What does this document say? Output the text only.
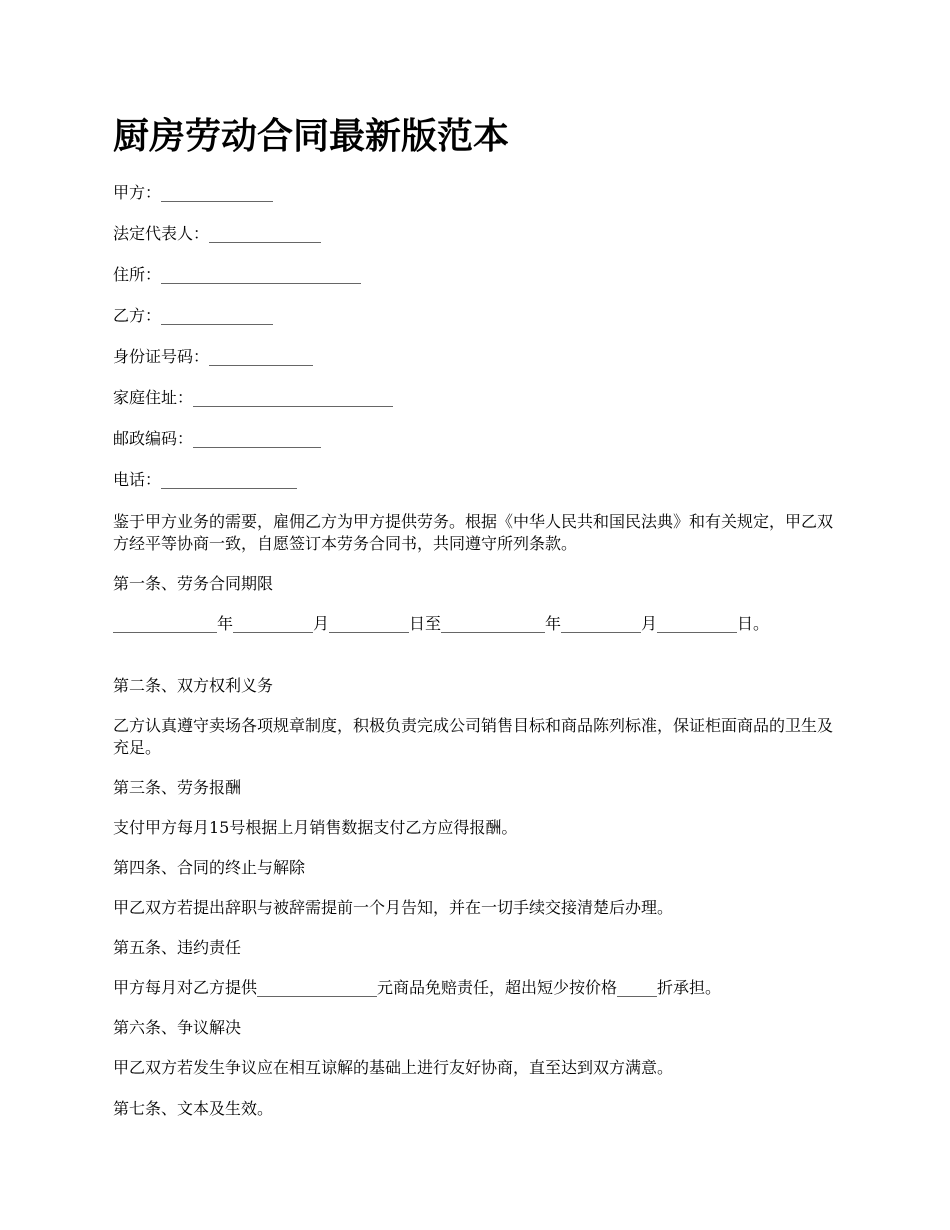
厨房劳动合同最新版范本

甲方：______________

法定代表人：______________

住所：_________________________

乙方：______________

身份证号码：_____________

家庭住址：_________________________

邮政编码：________________

电话：_________________

鉴于甲方业务的需要，雇佣乙方为甲方提供劳务。根据《中华人民共和国民法典》和有关规定，甲乙双方经平等协商一致，自愿签订本劳务合同书，共同遵守所列条款。

第一条、劳务合同期限

_____________年__________月__________日至_____________年__________月__________日。

第二条、双方权利义务

乙方认真遵守卖场各项规章制度，积极负责完成公司销售目标和商品陈列标准，保证柜面商品的卫生及充足。

第三条、劳务报酬

支付甲方每月15号根据上月销售数据支付乙方应得报酬。

第四条、合同的终止与解除

甲乙双方若提出辞职与被辞需提前一个月告知，并在一切手续交接清楚后办理。

第五条、违约责任

甲方每月对乙方提供_______________元商品免赔责任，超出短少按价格_____折承担。

第六条、争议解决

甲乙双方若发生争议应在相互谅解的基础上进行友好协商，直至达到双方满意。

第七条、文本及生效。
